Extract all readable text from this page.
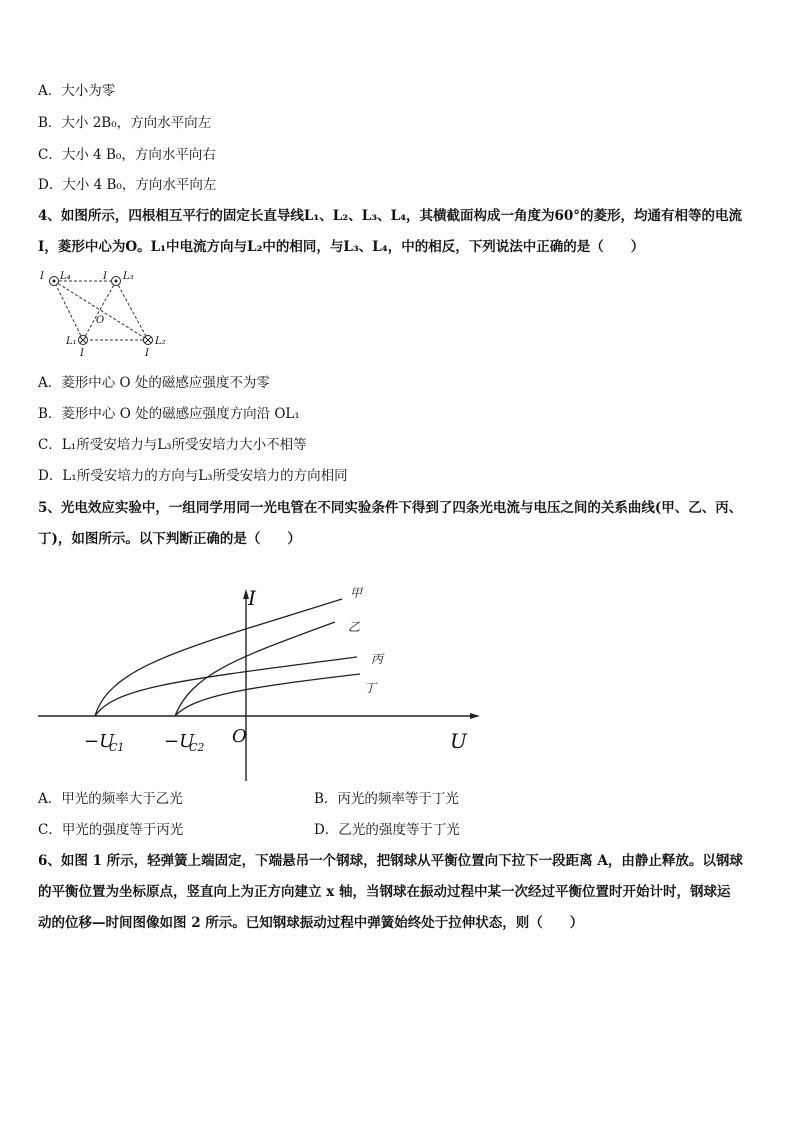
A．大小为零
B．大小 2B₀，方向水平向左
C．大小 4 B₀，方向水平向右
D．大小 4 B₀，方向水平向左
4、如图所示，四根相互平行的固定长直导线L₁、L₂、L₃、L₄，其横截面构成一角度为60°的菱形，均通有相等的电流
I，菱形中心为O。L₁中电流方向与L₂中的相同，与L₃、L₄，中的相反，下列说法中正确的是（　　）
I L₄	I L₃
O
L₁	L₂
I	I
A．菱形中心 O 处的磁感应强度不为零
B．菱形中心 O 处的磁感应强度方向沿 OL₁
C．L₁所受安培力与L₃所受安培力大小不相等
D．L₁所受安培力的方向与L₃所受安培力的方向相同
5、光电效应实验中，一组同学用同一光电管在不同实验条件下得到了四条光电流与电压之间的关系曲线(甲、乙、丙、
丁)，如图所示。以下判断正确的是（　　）
I
U
O
−U
C1 −U
C2
甲
乙
丙
丁
A．甲光的频率大于乙光	B．丙光的频率等于丁光
C．甲光的强度等于丙光	D．乙光的强度等于丁光
6、如图 1 所示，轻弹簧上端固定，下端悬吊一个钢球，把钢球从平衡位置向下拉下一段距离 A，由静止释放。以钢球
的平衡位置为坐标原点，竖直向上为正方向建立 x 轴，当钢球在振动过程中某一次经过平衡位置时开始计时，钢球运
动的位移—时间图像如图 2 所示。已知钢球振动过程中弹簧始终处于拉伸状态，则（　　）
